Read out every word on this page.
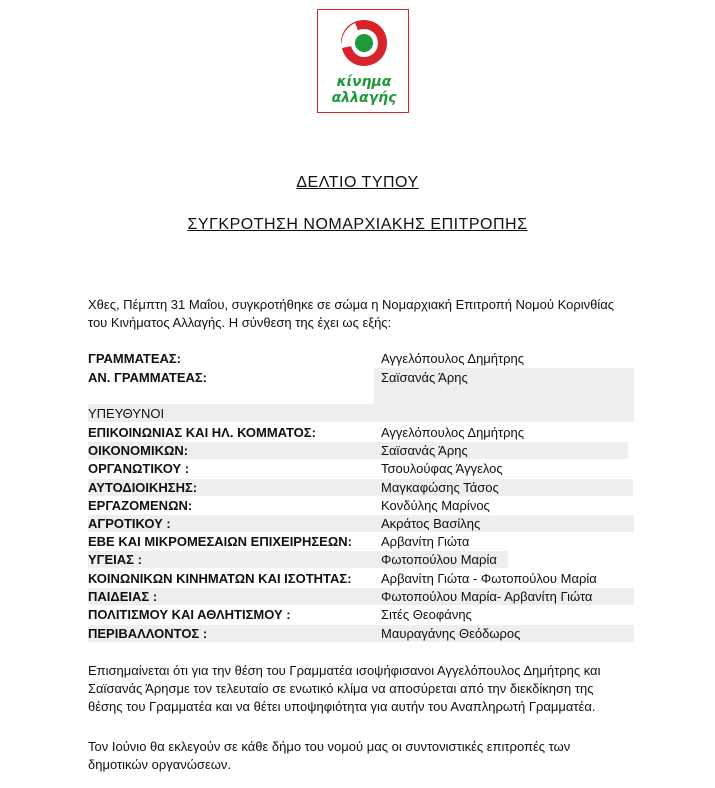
κίνημα
αλλαγής
ΔΕΛΤΙΟ ΤΥΠΟΥ
ΣΥΓΚΡΟΤΗΣΗ ΝΟΜΑΡΧΙΑΚΗΣ ΕΠΙΤΡΟΠΗΣ
Χθες, Πέμπτη 31 Μαΐου, συγκροτήθηκε σε σώμα η Νομαρχιακή Επιτροπή Νομού Κορινθίας
του Κινήματος Αλλαγής. Η σύνθεση της έχει ως εξής:
ΓΡΑΜΜΑΤΕΑΣ:	Αγγελόπουλος Δημήτρης
ΑΝ. ΓΡΑΜΜΑΤΕΑΣ:	Σαϊσανάς Άρης
ΥΠΕΥΘΥΝΟΙ
ΕΠΙΚΟΙΝΩΝΙΑΣ ΚΑΙ ΗΛ. ΚΟΜΜΑΤΟΣ:	Αγγελόπουλος Δημήτρης
ΟΙΚΟΝΟΜΙΚΩΝ:	Σαϊσανάς Άρης
ΟΡΓΑΝΩΤΙΚΟΥ :	Τσουλούφας Άγγελος
ΑΥΤΟΔΙΟΙΚΗΣΗΣ:	Μαγκαφώσης Τάσος
ΕΡΓΑΖΟΜΕΝΩΝ:	Κονδύλης Μαρίνος
ΑΓΡΟΤΙΚΟΥ :	Ακράτος Βασίλης
ΕΒΕ ΚΑΙ ΜΙΚΡΟΜΕΣΑΙΩΝ ΕΠΙΧΕΙΡΗΣΕΩΝ: Αρβανίτη Γιώτα
ΥΓΕΙΑΣ :	Φωτοπούλου Μαρία
ΚΟΙΝΩΝΙΚΩΝ ΚΙΝΗΜΑΤΩΝ ΚΑΙ ΙΣΟΤΗΤΑΣ: Αρβανίτη Γιώτα - Φωτοπούλου Μαρία
ΠΑΙΔΕΙΑΣ :	Φωτοπούλου Μαρία- Αρβανίτη Γιώτα
ΠΟΛΙΤΙΣΜΟΥ ΚΑΙ ΑΘΛΗΤΙΣΜΟΥ :	Σιτές Θεοφάνης
ΠΕΡΙΒΑΛΛΟΝΤΟΣ :	Μαυραγάνης Θεόδωρος
Επισημαίνεται ότι για την θέση του Γραμματέα ισοψήφισανοι Αγγελόπουλος Δημήτρης και
Σαϊσανάς Άρησμε τον τελευταίο σε ενωτικό κλίμα να αποσύρεται από την διεκδίκηση της
θέσης του Γραμματέα και να θέτει υποψηφιότητα για αυτήν του Αναπληρωτή Γραμματέα.
Τον Ιούνιο θα εκλεγούν σε κάθε δήμο του νομού μας οι συντονιστικές επιτροπές των
δημοτικών οργανώσεων.
